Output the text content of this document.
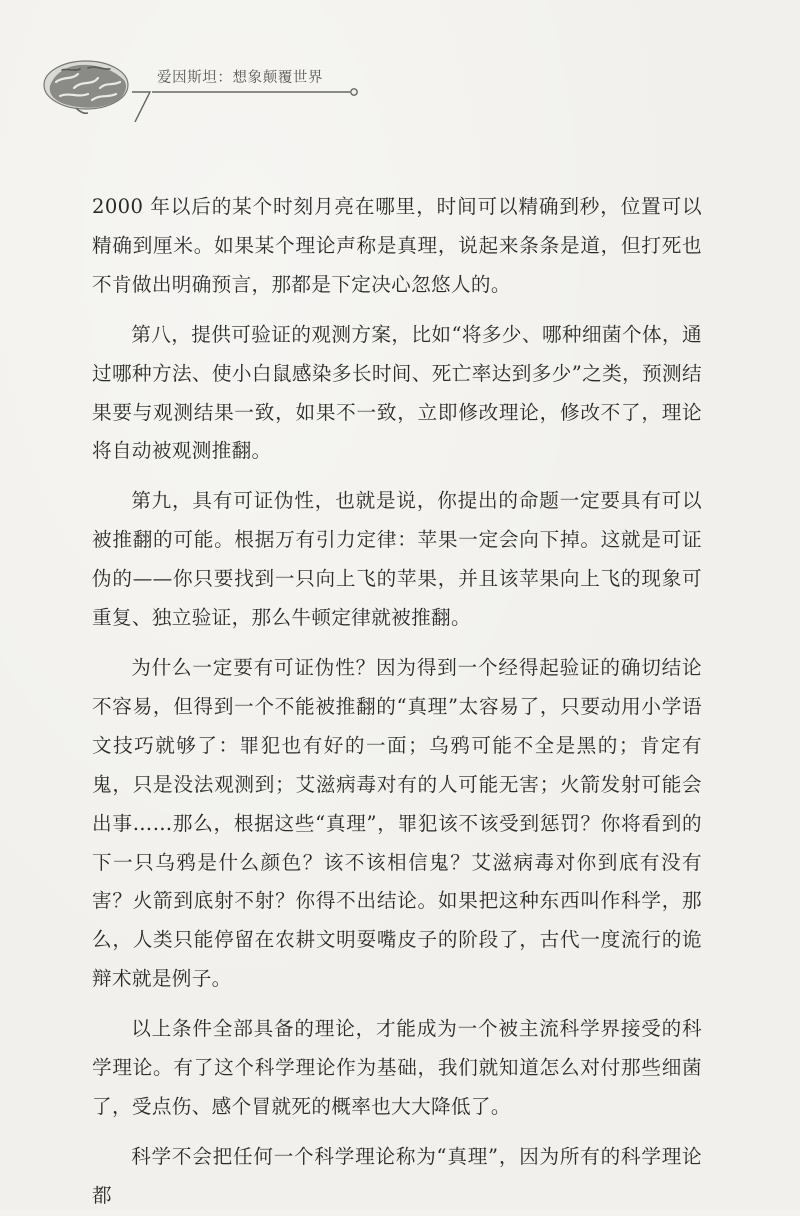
爱因斯坦：想象颠覆世界

2000 年以后的某个时刻月亮在哪里，时间可以精确到秒，位置可以精确到厘米。如果某个理论声称是真理，说起来条条是道，但打死也不肯做出明确预言，那都是下定决心忽悠人的。

第八，提供可验证的观测方案，比如“将多少、哪种细菌个体，通过哪种方法、使小白鼠感染多长时间、死亡率达到多少”之类，预测结果要与观测结果一致，如果不一致，立即修改理论，修改不了，理论将自动被观测推翻。

第九，具有可证伪性，也就是说，你提出的命题一定要具有可以被推翻的可能。根据万有引力定律：苹果一定会向下掉。这就是可证伪的——你只要找到一只向上飞的苹果，并且该苹果向上飞的现象可重复、独立验证，那么牛顿定律就被推翻。

为什么一定要有可证伪性？因为得到一个经得起验证的确切结论不容易，但得到一个不能被推翻的“真理”太容易了，只要动用小学语文技巧就够了：罪犯也有好的一面；乌鸦可能不全是黑的；肯定有鬼，只是没法观测到；艾滋病毒对有的人可能无害；火箭发射可能会出事……那么，根据这些“真理”，罪犯该不该受到惩罚？你将看到的下一只乌鸦是什么颜色？该不该相信鬼？艾滋病毒对你到底有没有害？火箭到底射不射？你得不出结论。如果把这种东西叫作科学，那么，人类只能停留在农耕文明耍嘴皮子的阶段了，古代一度流行的诡辩术就是例子。

以上条件全部具备的理论，才能成为一个被主流科学界接受的科学理论。有了这个科学理论作为基础，我们就知道怎么对付那些细菌了，受点伤、感个冒就死的概率也大大降低了。

科学不会把任何一个科学理论称为“真理”，因为所有的科学理论都
